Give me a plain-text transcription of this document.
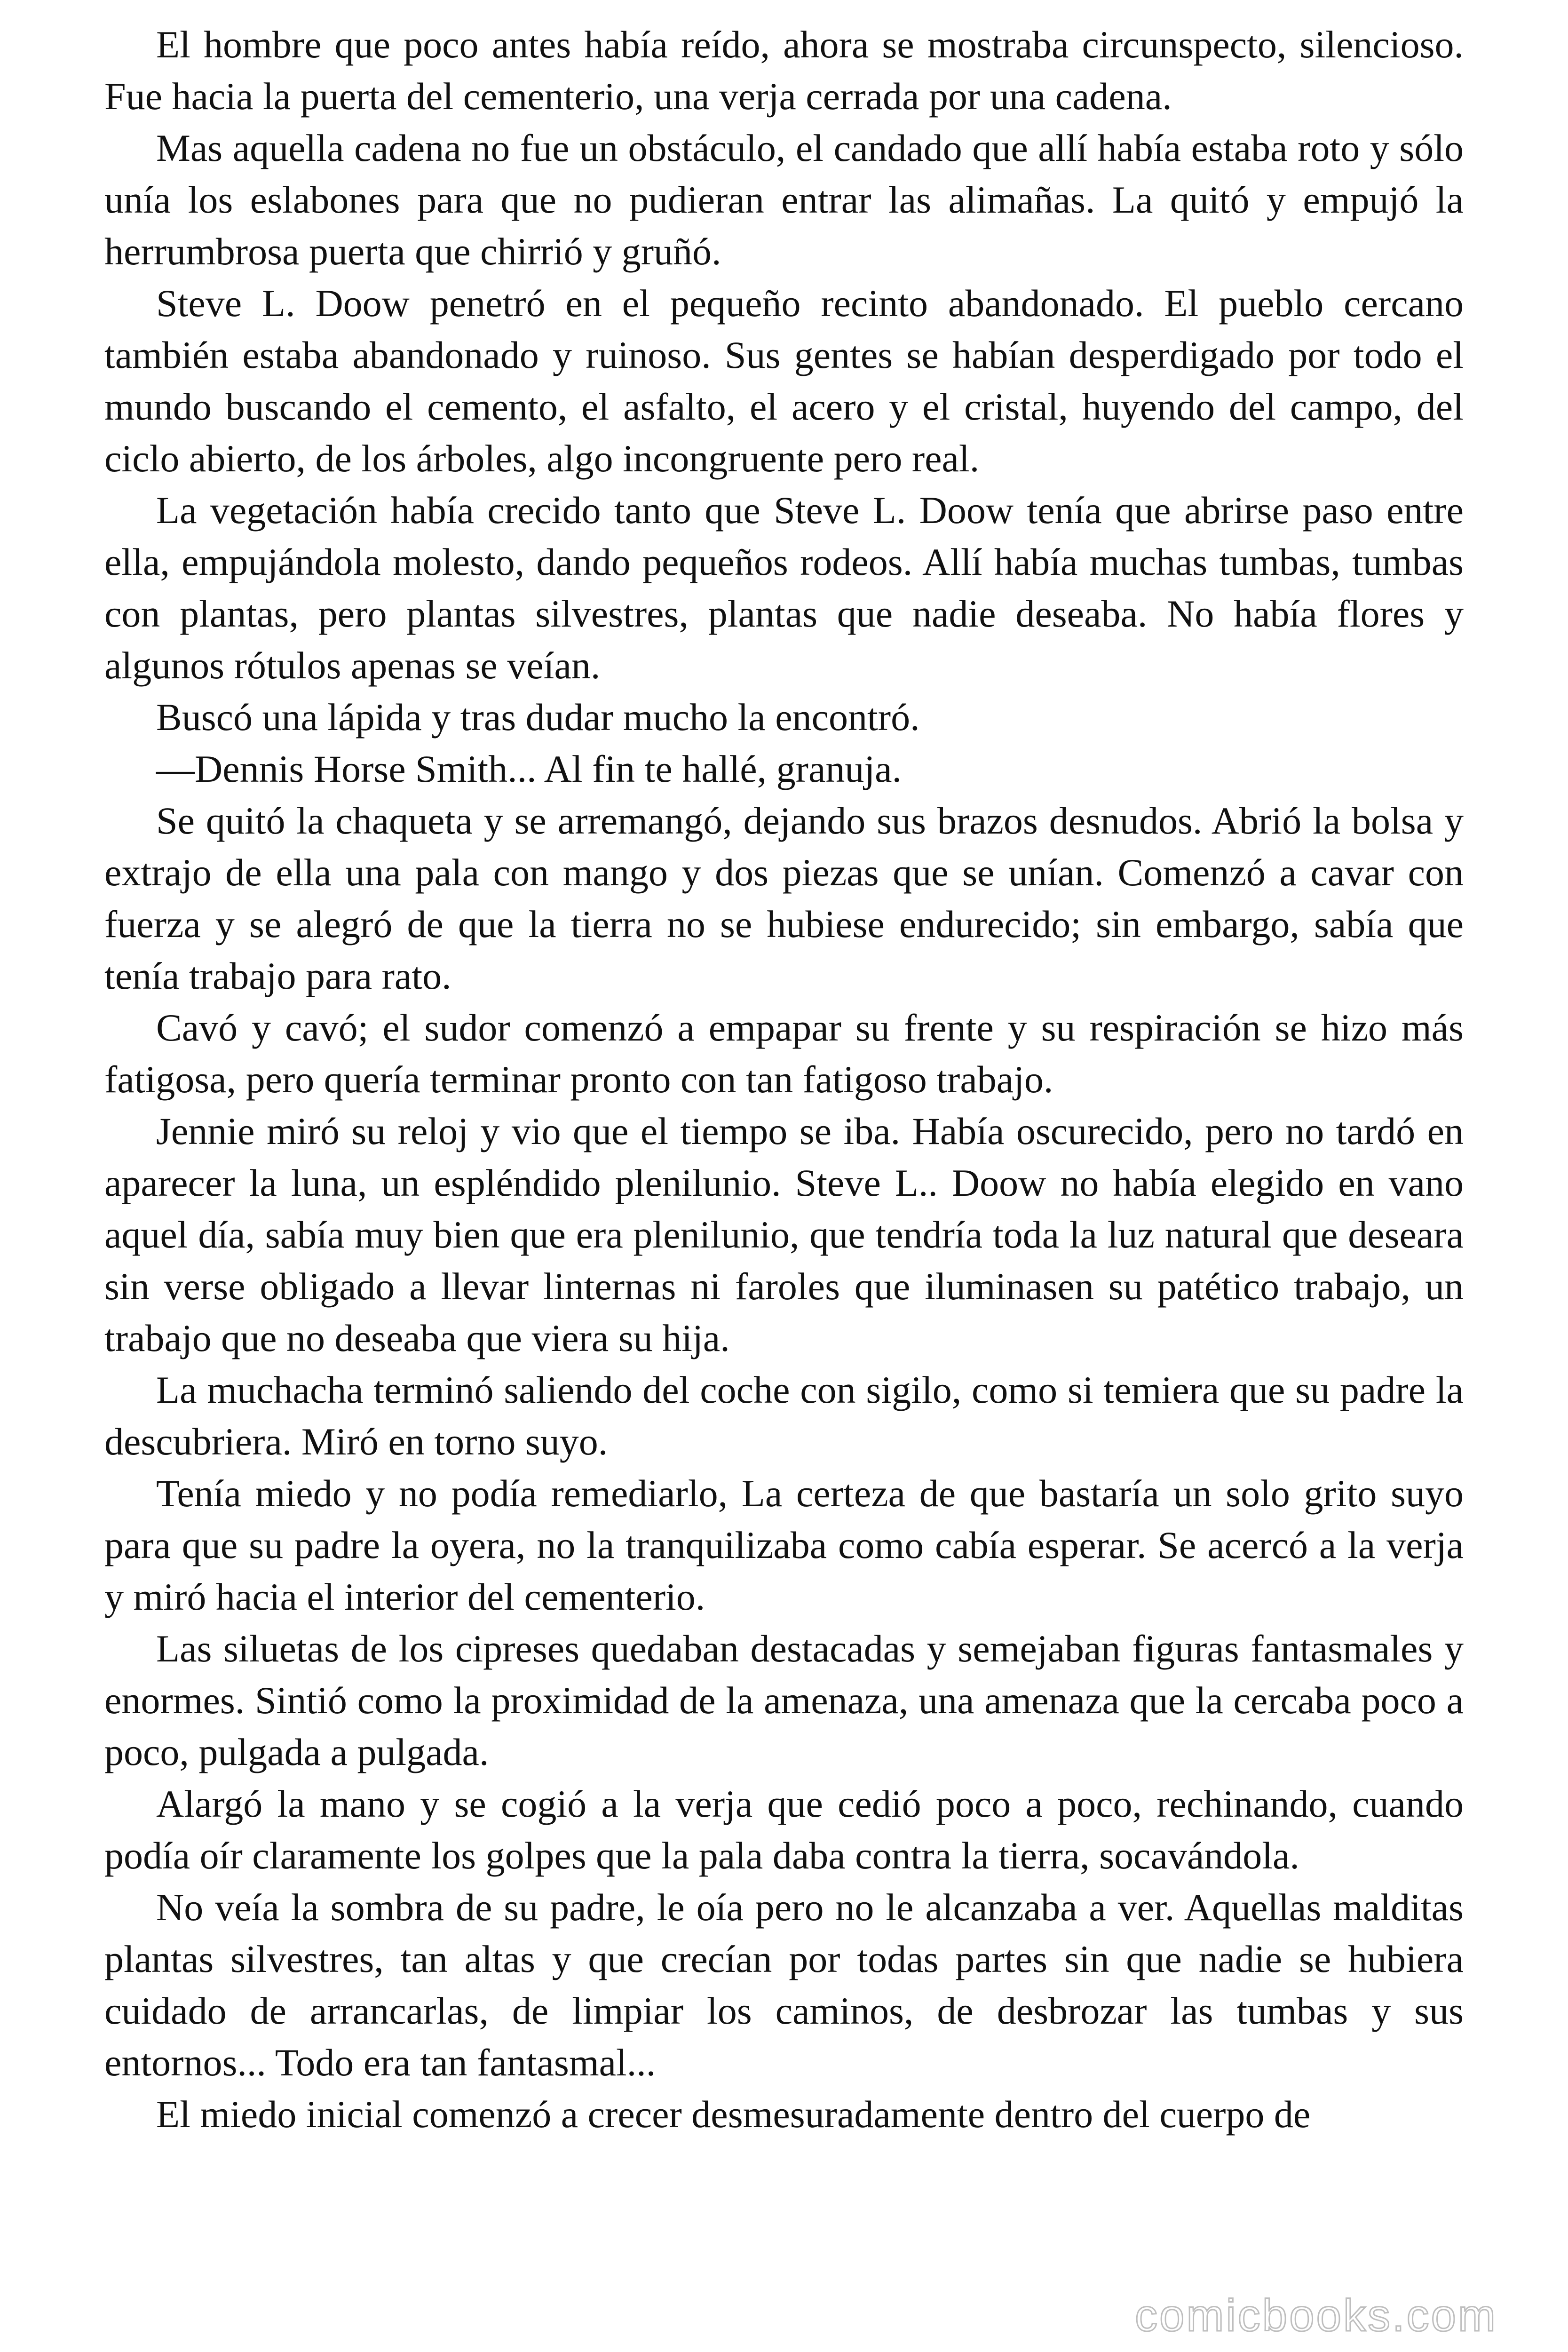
El hombre que poco antes había reído, ahora se mostraba circunspecto, silencioso. Fue hacia la puerta del cementerio, una verja cerrada por una cadena.

Mas aquella cadena no fue un obstáculo, el candado que allí había estaba roto y sólo unía los eslabones para que no pudieran entrar las alimañas. La quitó y empujó la herrumbrosa puerta que chirrió y gruñó.

Steve L. Doow penetró en el pequeño recinto abandonado. El pueblo cercano también estaba abandonado y ruinoso. Sus gentes se habían desperdigado por todo el mundo buscando el cemento, el asfalto, el acero y el cristal, huyendo del campo, del ciclo abierto, de los árboles, algo incongruente pero real.

La vegetación había crecido tanto que Steve L. Doow tenía que abrirse paso entre ella, empujándola molesto, dando pequeños rodeos. Allí había muchas tumbas, tumbas con plantas, pero plantas silvestres, plantas que nadie deseaba. No había flores y algunos rótulos apenas se veían.

Buscó una lápida y tras dudar mucho la encontró.

—Dennis Horse Smith... Al fin te hallé, granuja.

Se quitó la chaqueta y se arremangó, dejando sus brazos desnudos. Abrió la bolsa y extrajo de ella una pala con mango y dos piezas que se unían. Comenzó a cavar con fuerza y se alegró de que la tierra no se hubiese endurecido; sin embargo, sabía que tenía trabajo para rato.

Cavó y cavó; el sudor comenzó a empapar su frente y su respiración se hizo más fatigosa, pero quería terminar pronto con tan fatigoso trabajo.

Jennie miró su reloj y vio que el tiempo se iba. Había oscurecido, pero no tardó en aparecer la luna, un espléndido plenilunio. Steve L.. Doow no había elegido en vano aquel día, sabía muy bien que era plenilunio, que tendría toda la luz natural que deseara sin verse obligado a llevar linternas ni faroles que iluminasen su patético trabajo, un trabajo que no deseaba que viera su hija.

La muchacha terminó saliendo del coche con sigilo, como si temiera que su padre la descubriera. Miró en torno suyo.

Tenía miedo y no podía remediarlo, La certeza de que bastaría un solo grito suyo para que su padre la oyera, no la tranquilizaba como cabía esperar. Se acercó a la verja y miró hacia el interior del cementerio.

Las siluetas de los cipreses quedaban destacadas y semejaban figuras fantasmales y enormes. Sintió como la proximidad de la amenaza, una amenaza que la cercaba poco a poco, pulgada a pulgada.

Alargó la mano y se cogió a la verja que cedió poco a poco, rechinando, cuando podía oír claramente los golpes que la pala daba contra la tierra, socavándola.

No veía la sombra de su padre, le oía pero no le alcanzaba a ver. Aquellas malditas plantas silvestres, tan altas y que crecían por todas partes sin que nadie se hubiera cuidado de arrancarlas, de limpiar los caminos, de desbrozar las tumbas y sus entornos... Todo era tan fantasmal...

El miedo inicial comenzó a crecer desmesuradamente dentro del cuerpo de

comicbooks.com
